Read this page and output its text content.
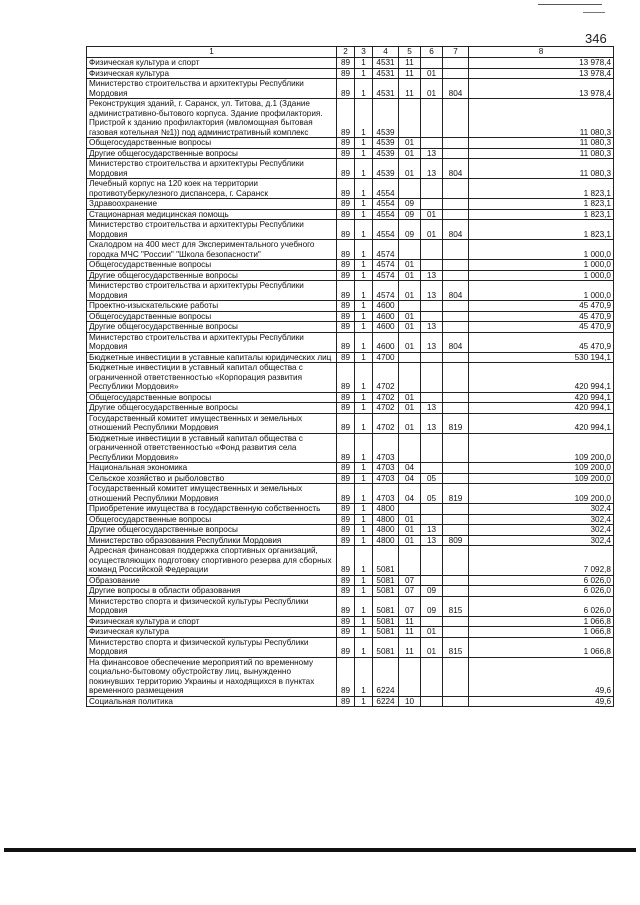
346
1	2	3	4	5	6	7	8
Физическая культура и спорт	89	1	4531	11			13 978,4
Физическая культура	89	1	4531	11	01		13 978,4
Министерство строительства и архитектуры Республики Мордовия	89	1	4531	11	01	804	13 978,4
Реконструкция зданий, г. Саранск, ул. Титова, д.1 (Здание административно-бытового корпуса. Здание профилактория. Пристрой к зданию профилактория (мвломощная бытовая газовая котельная №1)) под административный комплекс	89	1	4539				11 080,3
Общегосударственные вопросы	89	1	4539	01			11 080,3
Другие общегосударственные вопросы	89	1	4539	01	13		11 080,3
Министерство строительства и архитектуры Республики Мордовия	89	1	4539	01	13	804	11 080,3
Лечебный корпус на 120 коек на территории противотуберкулезного диспансера, г. Саранск	89	1	4554				1 823,1
Здравоохранение	89	1	4554	09			1 823,1
Стационарная медицинская помощь	89	1	4554	09	01		1 823,1
Министерство строительства и архитектуры Республики Мордовия	89	1	4554	09	01	804	1 823,1
Скалодром на 400 мест для Экспериментального учебного городка МЧС "России" "Школа безопасности"	89	1	4574				1 000,0
Общегосударственные вопросы	89	1	4574	01			1 000,0
Другие общегосударственные вопросы	89	1	4574	01	13		1 000,0
Министерство строительства и архитектуры Республики Мордовия	89	1	4574	01	13	804	1 000,0
Проектно-изыскательские работы	89	1	4600				45 470,9
Общегосударственные вопросы	89	1	4600	01			45 470,9
Другие общегосударственные вопросы	89	1	4600	01	13		45 470,9
Министерство строительства и архитектуры Республики Мордовия	89	1	4600	01	13	804	45 470,9
Бюджетные инвестиции в уставные капиталы юридических лиц	89	1	4700				530 194,1
Бюджетные инвестиции в уставный капитал общества с ограниченной ответственностью «Корпорация развития Республики Мордовия»	89	1	4702				420 994,1
Общегосударственные вопросы	89	1	4702	01			420 994,1
Другие общегосударственные вопросы	89	1	4702	01	13		420 994,1
Государственный комитет имущественных и земельных отношений Республики Мордовия	89	1	4702	01	13	819	420 994,1
Бюджетные инвестиции в уставный капитал общества с ограниченной ответственностью «Фонд развития села Республики Мордовия»	89	1	4703				109 200,0
Национальная экономика	89	1	4703	04			109 200,0
Сельское хозяйство и рыболовство	89	1	4703	04	05		109 200,0
Государственный комитет имущественных и земельных отношений Республики Мордовия	89	1	4703	04	05	819	109 200,0
Приобретение имущества в государственную собственность	89	1	4800				302,4
Общегосударственные вопросы	89	1	4800	01			302,4
Другие общегосударственные вопросы	89	1	4800	01	13		302,4
Министерство образования Республики Мордовия	89	1	4800	01	13	809	302,4
Адресная финансовая поддержка спортивных организаций, осуществляющих подготовку спортивного резерва для сборных команд Российской Федерации	89	1	5081				7 092,8
Образование	89	1	5081	07			6 026,0
Другие вопросы в области образования	89	1	5081	07	09		6 026,0
Министерство спорта и физической культуры Республики Мордовия	89	1	5081	07	09	815	6 026,0
Физическая культура и спорт	89	1	5081	11			1 066,8
Физическая культура	89	1	5081	11	01		1 066,8
Министерство спорта и физической культуры Республики Мордовия	89	1	5081	11	01	815	1 066,8
На финансовое обеспечение мероприятий по временному социально-бытовому обустройству лиц, вынужденно покинувших территорию Украины и находящихся в пунктах временного размещения	89	1	6224				49,6
Социальная политика	89	1	6224	10			49,6
